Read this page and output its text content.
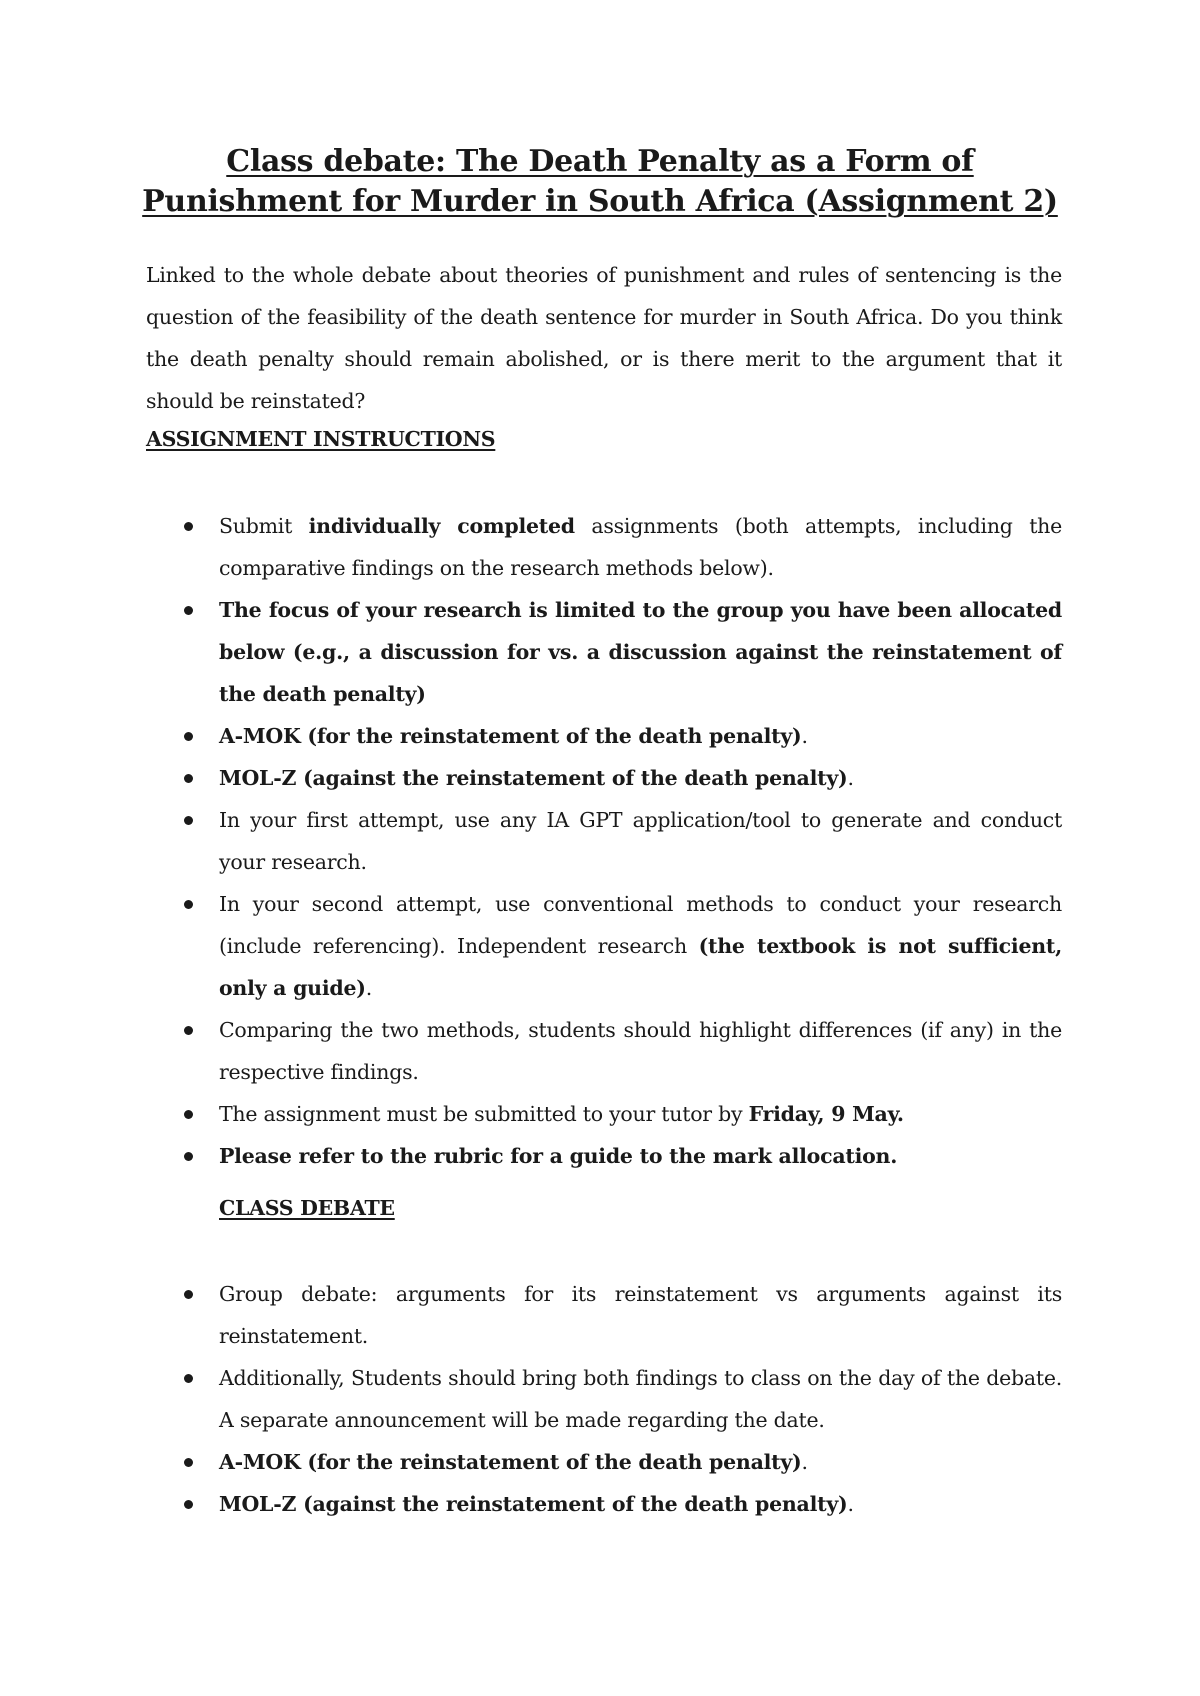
Class debate: The Death Penalty as a Form of Punishment for Murder in South Africa (Assignment 2)

Linked to the whole debate about theories of punishment and rules of sentencing is the question of the feasibility of the death sentence for murder in South Africa. Do you think the death penalty should remain abolished, or is there merit to the argument that it should be reinstated?

ASSIGNMENT INSTRUCTIONS
Submit individually completed assignments (both attempts, including the comparative findings on the research methods below).
The focus of your research is limited to the group you have been allocated below (e.g., a discussion for vs. a discussion against the reinstatement of the death penalty)
A-MOK (for the reinstatement of the death penalty).
MOL-Z (against the reinstatement of the death penalty).
In your first attempt, use any IA GPT application/tool to generate and conduct your research.
In your second attempt, use conventional methods to conduct your research (include referencing). Independent research (the textbook is not sufficient, only a guide).
Comparing the two methods, students should highlight differences (if any) in the respective findings.
The assignment must be submitted to your tutor by Friday, 9 May.
Please refer to the rubric for a guide to the mark allocation.
CLASS DEBATE
Group debate: arguments for its reinstatement vs arguments against its reinstatement.
Additionally, Students should bring both findings to class on the day of the debate. A separate announcement will be made regarding the date.
A-MOK (for the reinstatement of the death penalty).
MOL-Z (against the reinstatement of the death penalty).
